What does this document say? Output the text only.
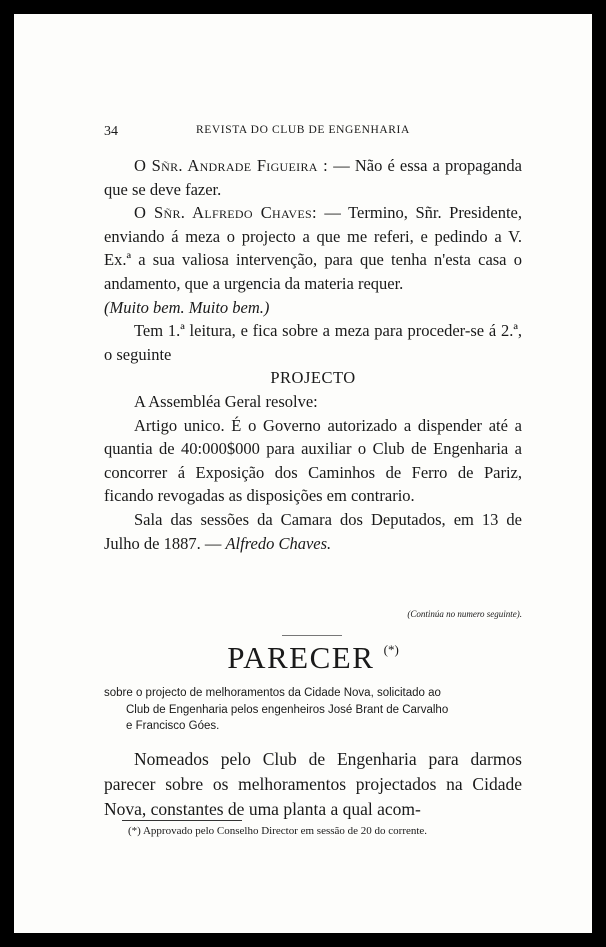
34	REVISTA DO CLUB DE ENGENHARIA

O Sñr. Andrade Figueira : — Não é essa a propaganda que se deve fazer.

O Sñr. Alfredo Chaves: — Termino, Sñr. Presidente, enviando á meza o projecto a que me referi, e pedindo a V. Ex.ª a sua valiosa intervenção, para que tenha n'esta casa o andamento, que a urgencia da materia requer.

(Muito bem. Muito bem.)

Tem 1.ª leitura, e fica sobre a meza para proceder-se á 2.ª, o seguinte

PROJECTO

A Assembléa Geral resolve:

Artigo unico. É o Governo autorizado a dispender até a quantia de 40:000$000 para auxiliar o Club de Engenharia a concorrer á Exposição dos Caminhos de Ferro de Pariz, ficando revogadas as disposições em contrario.

Sala das sessões da Camara dos Deputados, em 13 de Julho de 1887. — Alfredo Chaves.

(Continúa no numero seguinte).
PARECER (*)
sobre o projecto de melhoramentos da Cidade Nova, solicitado ao
Club de Engenharia pelos engenheiros José Brant de Carvalho
e Francisco Góes.

Nomeados pelo Club de Engenharia para darmos parecer sobre os melhoramentos projectados na Cidade Nova, constantes de uma planta a qual acom-

(*) Approvado pelo Conselho Director em sessão de 20 do corrente.
